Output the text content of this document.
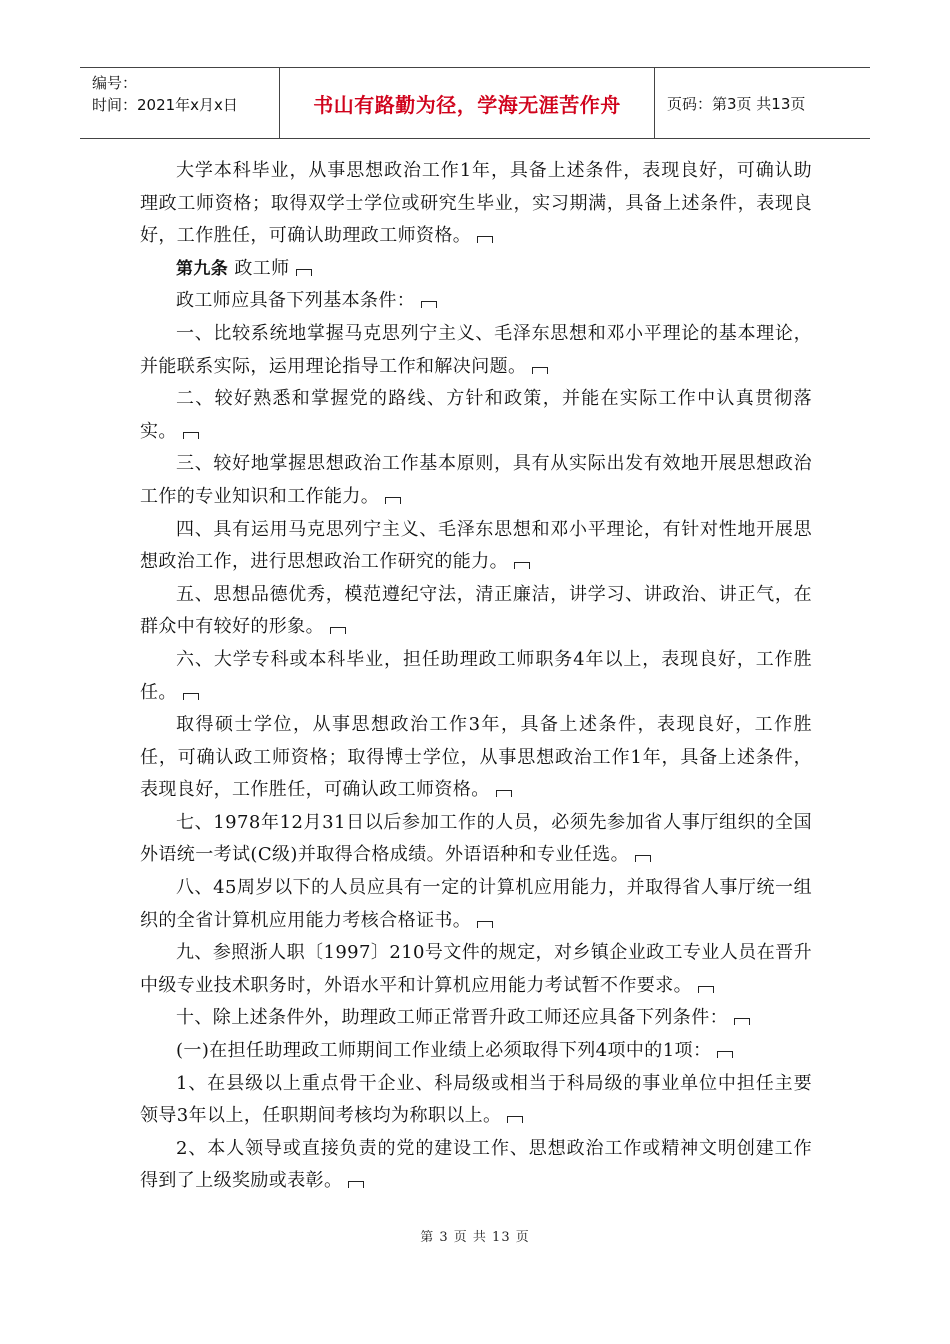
编号：
时间：2021年x月x日	书山有路勤为径，学海无涯苦作舟	页码：第3页 共13页

大学本科毕业，从事思想政治工作1年，具备上述条件，表现良好，可确认助理政工师资格；取得双学士学位或研究生毕业，实习期满，具备上述条件，表现良好，工作胜任，可确认助理政工师资格。

第九条 政工师

政工师应具备下列基本条件：

一、比较系统地掌握马克思列宁主义、毛泽东思想和邓小平理论的基本理论，并能联系实际，运用理论指导工作和解决问题。

二、较好熟悉和掌握党的路线、方针和政策，并能在实际工作中认真贯彻落实。

三、较好地掌握思想政治工作基本原则，具有从实际出发有效地开展思想政治工作的专业知识和工作能力。

四、具有运用马克思列宁主义、毛泽东思想和邓小平理论，有针对性地开展思想政治工作，进行思想政治工作研究的能力。

五、思想品德优秀，模范遵纪守法，清正廉洁，讲学习、讲政治、讲正气，在群众中有较好的形象。

六、大学专科或本科毕业，担任助理政工师职务4年以上，表现良好，工作胜任。

取得硕士学位，从事思想政治工作3年，具备上述条件，表现良好，工作胜任，可确认政工师资格；取得博士学位，从事思想政治工作1年，具备上述条件，表现良好，工作胜任，可确认政工师资格。

七、1978年12月31日以后参加工作的人员，必须先参加省人事厅组织的全国外语统一考试(C级)并取得合格成绩。外语语种和专业任选。

八、45周岁以下的人员应具有一定的计算机应用能力，并取得省人事厅统一组织的全省计算机应用能力考核合格证书。

九、参照浙人职〔1997〕210号文件的规定，对乡镇企业政工专业人员在晋升中级专业技术职务时，外语水平和计算机应用能力考试暂不作要求。

十、除上述条件外，助理政工师正常晋升政工师还应具备下列条件：

(一)在担任助理政工师期间工作业绩上必须取得下列4项中的1项：

1、在县级以上重点骨干企业、科局级或相当于科局级的事业单位中担任主要领导3年以上，任职期间考核均为称职以上。

2、本人领导或直接负责的党的建设工作、思想政治工作或精神文明创建工作得到了上级奖励或表彰。

第 3 页 共 13 页
